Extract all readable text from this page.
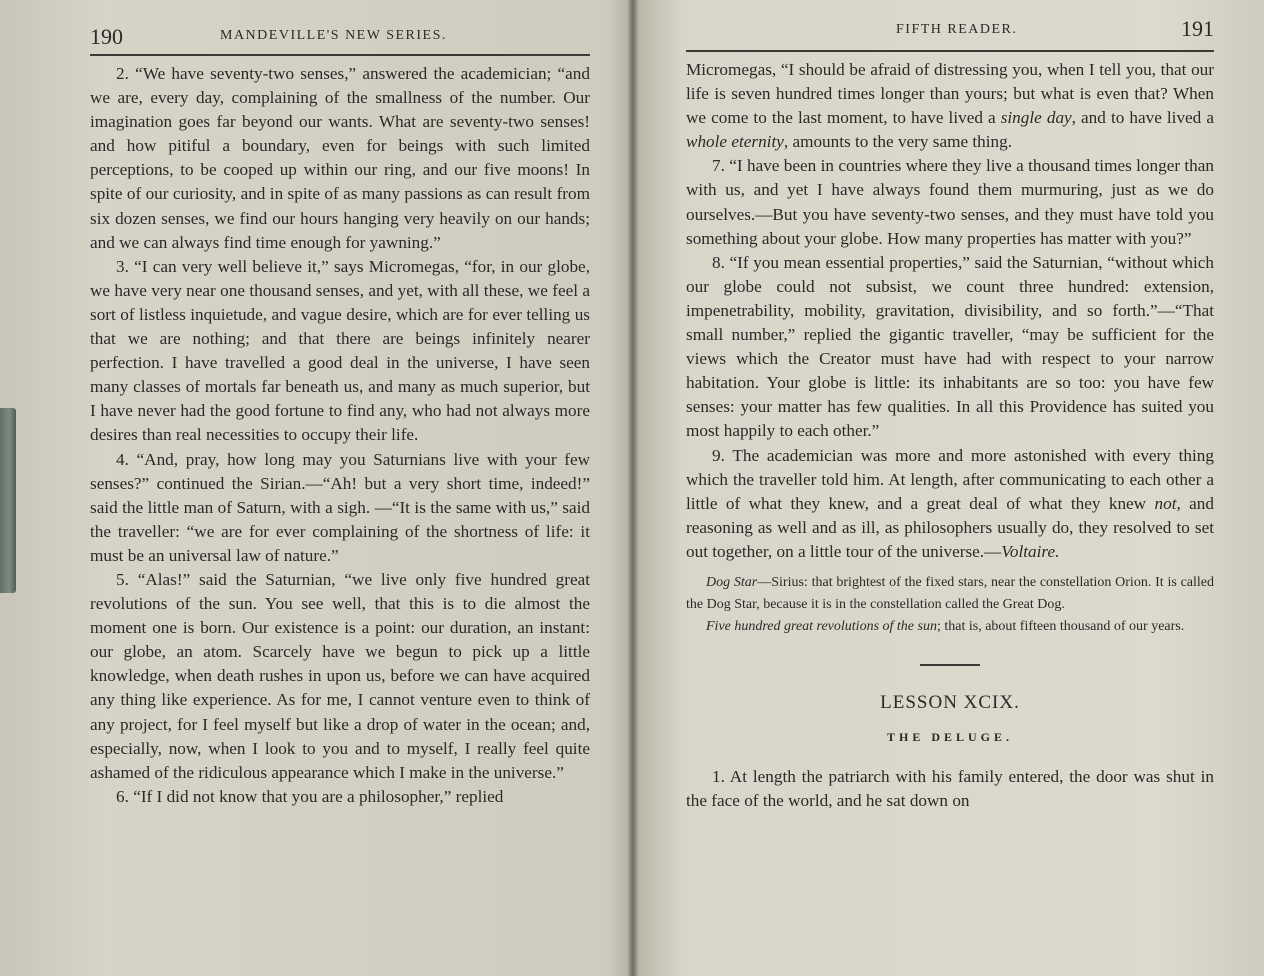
190	MANDEVILLE'S NEW SERIES.

2. “We have seventy-two senses,” answered the academician; “and we are, every day, complaining of the smallness of the number. Our imagination goes far beyond our wants. What are seventy-two senses! and how pitiful a boundary, even for beings with such limited perceptions, to be cooped up within our ring, and our five moons! In spite of our curiosity, and in spite of as many passions as can result from six dozen senses, we find our hours hanging very heavily on our hands; and we can always find time enough for yawning.”

3. “I can very well believe it,” says Micromegas, “for, in our globe, we have very near one thousand senses, and yet, with all these, we feel a sort of listless inquietude, and vague desire, which are for ever telling us that we are nothing; and that there are beings infinitely nearer perfection. I have travelled a good deal in the universe, I have seen many classes of mortals far beneath us, and many as much superior, but I have never had the good fortune to find any, who had not always more desires than real necessities to occupy their life.

4. “And, pray, how long may you Saturnians live with your few senses?” continued the Sirian.—“Ah! but a very short time, indeed!” said the little man of Saturn, with a sigh. —“It is the same with us,” said the traveller: “we are for ever complaining of the shortness of life: it must be an universal law of nature.”

5. “Alas!” said the Saturnian, “we live only five hundred great revolutions of the sun. You see well, that this is to die almost the moment one is born. Our existence is a point: our duration, an instant: our globe, an atom. Scarcely have we begun to pick up a little knowledge, when death rushes in upon us, before we can have acquired any thing like experience. As for me, I cannot venture even to think of any project, for I feel myself but like a drop of water in the ocean; and, especially, now, when I look to you and to myself, I really feel quite ashamed of the ridiculous appearance which I make in the universe.”

6. “If I did not know that you are a philosopher,” replied

FIFTH READER.	191

Micromegas, “I should be afraid of distressing you, when I tell you, that our life is seven hundred times longer than yours; but what is even that? When we come to the last moment, to have lived a single day, and to have lived a whole eternity, amounts to the very same thing.

7. “I have been in countries where they live a thousand times longer than with us, and yet I have always found them murmuring, just as we do ourselves.—But you have seventy-two senses, and they must have told you something about your globe. How many properties has matter with you?”

8. “If you mean essential properties,” said the Saturnian, “without which our globe could not subsist, we count three hundred: extension, impenetrability, mobility, gravitation, divisibility, and so forth.”—“That small number,” replied the gigantic traveller, “may be sufficient for the views which the Creator must have had with respect to your narrow habitation. Your globe is little: its inhabitants are so too: you have few senses: your matter has few qualities. In all this Providence has suited you most happily to each other.”

9. The academician was more and more astonished with every thing which the traveller told him. At length, after communicating to each other a little of what they knew, and a great deal of what they knew not, and reasoning as well and as ill, as philosophers usually do, they resolved to set out together, on a little tour of the universe.—Voltaire.

Dog Star—Sirius: that brightest of the fixed stars, near the constellation Orion. It is called the Dog Star, because it is in the constellation called the Great Dog.

Five hundred great revolutions of the sun; that is, about fifteen thousand of our years.

LESSON XCIX.
THE DELUGE.

1. At length the patriarch with his family entered, the door was shut in the face of the world, and he sat down on
